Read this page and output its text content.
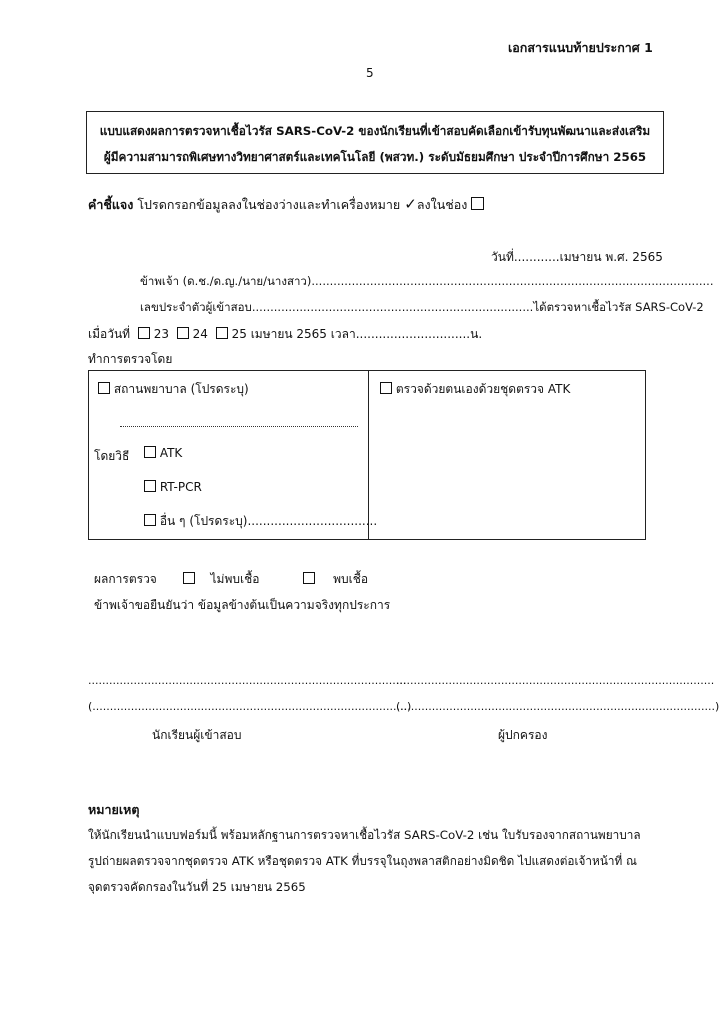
เอกสารแนบท้ายประกาศ 1
5
แบบแสดงผลการตรวจหาเชื้อไวรัส SARS-CoV-2 ของนักเรียนที่เข้าสอบคัดเลือกเข้ารับทุนพัฒนาและส่งเสริม
ผู้มีความสามารถพิเศษทางวิทยาศาสตร์และเทคโนโลยี (พสวท.) ระดับมัธยมศึกษา ประจำปีการศึกษา 2565
คำชี้แจง โปรดกรอกข้อมูลลงในช่องว่างและทำเครื่องหมาย ✓ลงในช่อง
วันที่............เมษายน พ.ศ. 2565
ข้าพเจ้า (ด.ช./ด.ญ./นาย/นางสาว)..............................................................................................................
เลขประจำตัวผู้เข้าสอบ.............................................................................ได้ตรวจหาเชื้อไวรัส SARS-CoV-2
เมื่อวันที่ 23 24 25 เมษายน 2565 เวลา..............................น.
ทำการตรวจโดย
สถานพยาบาล (โปรดระบุ)
โดยวิธี	ATK
RT-PCR
อื่น ๆ (โปรดระบุ)..................................
ตรวจด้วยตนเองด้วยชุดตรวจ ATK
ผลการตรวจ	ไม่พบเชื้อ	พบเชื้อ
ข้าพเจ้าขอยืนยันว่า ข้อมูลข้างต้นเป็นความจริงทุกประการ
...........................................................................................
(..........................................................................................)
นักเรียนผู้เข้าสอบ
...........................................................................................
(..........................................................................................)
ผู้ปกครอง
หมายเหตุ
ให้นักเรียนนำแบบฟอร์มนี้ พร้อมหลักฐานการตรวจหาเชื้อไวรัส SARS-CoV-2 เช่น ใบรับรองจากสถานพยาบาล
รูปถ่ายผลตรวจจากชุดตรวจ ATK หรือชุดตรวจ ATK ที่บรรจุในถุงพลาสติกอย่างมิดชิด ไปแสดงต่อเจ้าหน้าที่ ณ
จุดตรวจคัดกรองในวันที่ 25 เมษายน 2565
